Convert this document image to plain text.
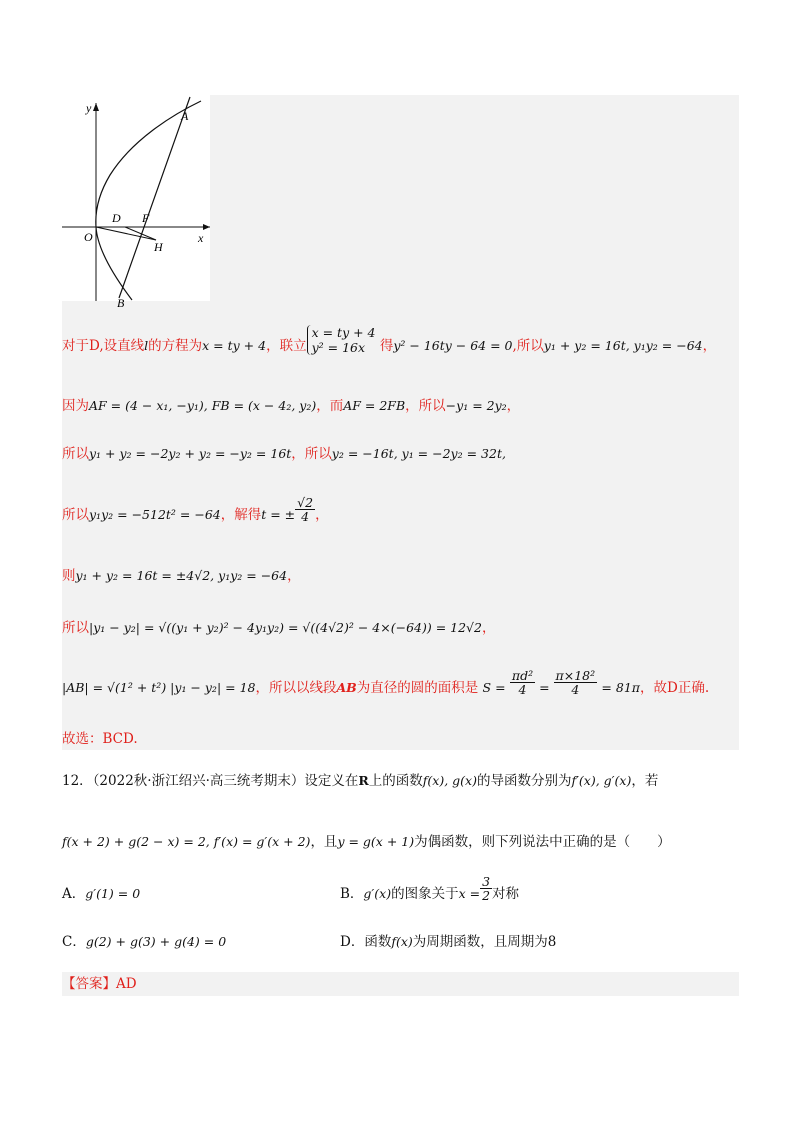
y
x
O
A
B
D F
H
对于D,设直线l的方程为x = ty + 4，联立
x = ty + 4
y² = 16x	得y² − 16ty − 64 = 0,所以y₁ + y₂ = 16t, y₁y₂ = −64，
因为AF = (4 − x₁, −y₁), FB = (x − 4₂, y₂)，而AF = 2FB，所以−y₁ = 2y₂，
所以y₁ + y₂ = −2y₂ + y₂ = −y₂ = 16t，所以y₂ = −16t, y₁ = −2y₂ = 32t,
所以y₁y₂ = −512t² = −64，解得t = ± $\frac{√2}{4}$ ，
则y₁ + y₂ = 16t = ±4√2, y₁y₂ = −64，
所以|y₁ − y₂| = √((y₁ + y₂)² − 4y₁y₂) = √((4√2)² − 4×(−64)) = 12√2，
|AB| = √(1² + t²) |y₁ − y₂| = 18，所以以线段AB为直径的圆的面积是 $S = \frac{\text{πd²}}{4} = \frac{\text{π×18²}}{4} = 81\pi$，故D正确.
故选：BCD.
12．（2022秋·浙江绍兴·高三统考期末）设定义在R上的函数f(x), g(x)的导函数分别为f′(x), g′(x)，若
f(x + 2) + g(2 − x) = 2, f′(x) = g′(x + 2)，且y = g(x + 1)为偶函数，则下列说法中正确的是（　　）
A．g′(1) = 0	B．g′(x)的图象关于$x = \frac{3}{2}$ 对称
C．g(2) + g(3) + g(4) = 0	D．函数f(x)为周期函数，且周期为8
【答案】AD
